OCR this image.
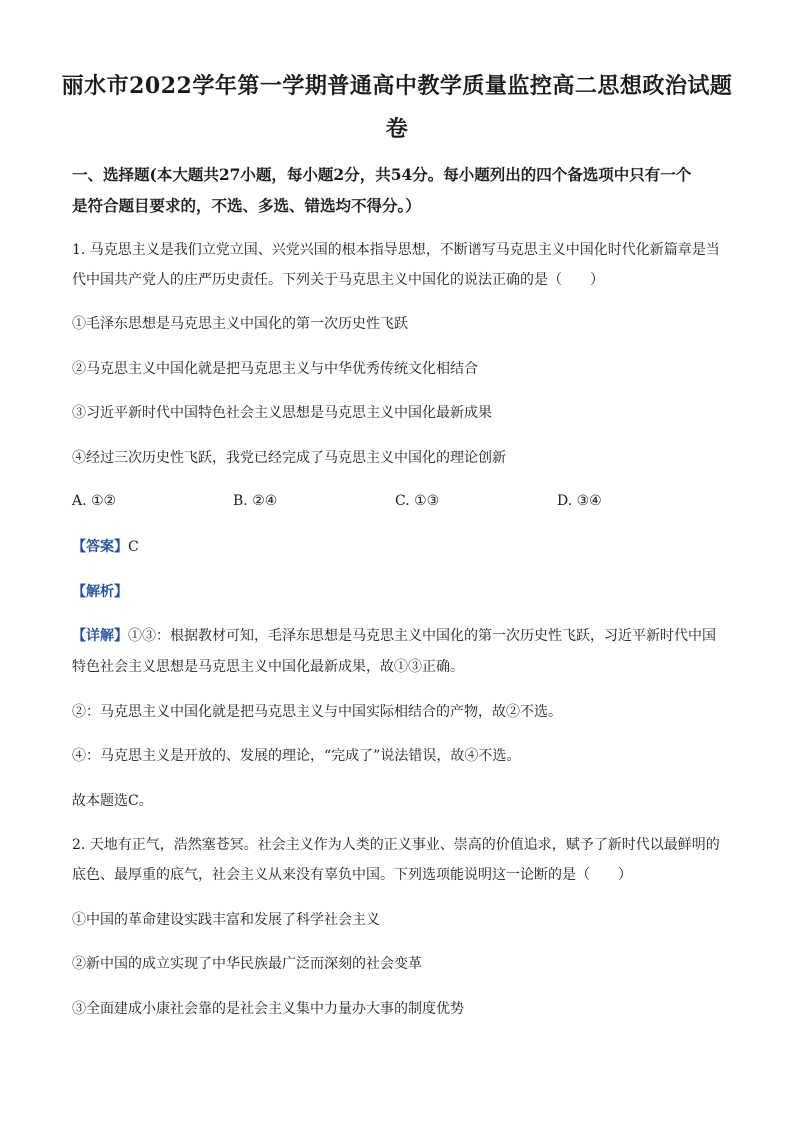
丽水市2022学年第一学期普通高中教学质量监控高二思想政治试题
卷
一、选择题(本大题共27小题，每小题2分，共54分。每小题列出的四个备选项中只有一个
是符合题目要求的，不选、多选、错选均不得分。）
1. 马克思主义是我们立党立国、兴党兴国的根本指导思想，不断谱写马克思主义中国化时代化新篇章是当
代中国共产党人的庄严历史责任。下列关于马克思主义中国化的说法正确的是（　　）
①毛泽东思想是马克思主义中国化的第一次历史性飞跃
②马克思主义中国化就是把马克思主义与中华优秀传统文化相结合
③习近平新时代中国特色社会主义思想是马克思主义中国化最新成果
④经过三次历史性飞跃，我党已经完成了马克思主义中国化的理论创新
A. ①②	B. ②④	C. ①③	D. ③④
【答案】C
【解析】
【详解】①③：根据教材可知，毛泽东思想是马克思主义中国化的第一次历史性飞跃，习近平新时代中国
特色社会主义思想是马克思主义中国化最新成果，故①③正确。
②：马克思主义中国化就是把马克思主义与中国实际相结合的产物，故②不选。
④：马克思主义是开放的、发展的理论，“完成了”说法错误，故④不选。
故本题选C。
2. 天地有正气，浩然塞苍冥。社会主义作为人类的正义事业、崇高的价值追求，赋予了新时代以最鲜明的
底色、最厚重的底气，社会主义从来没有辜负中国。下列选项能说明这一论断的是（　　）
①中国的革命建设实践丰富和发展了科学社会主义
②新中国的成立实现了中华民族最广泛而深刻的社会变革
③全面建成小康社会靠的是社会主义集中力量办大事的制度优势
